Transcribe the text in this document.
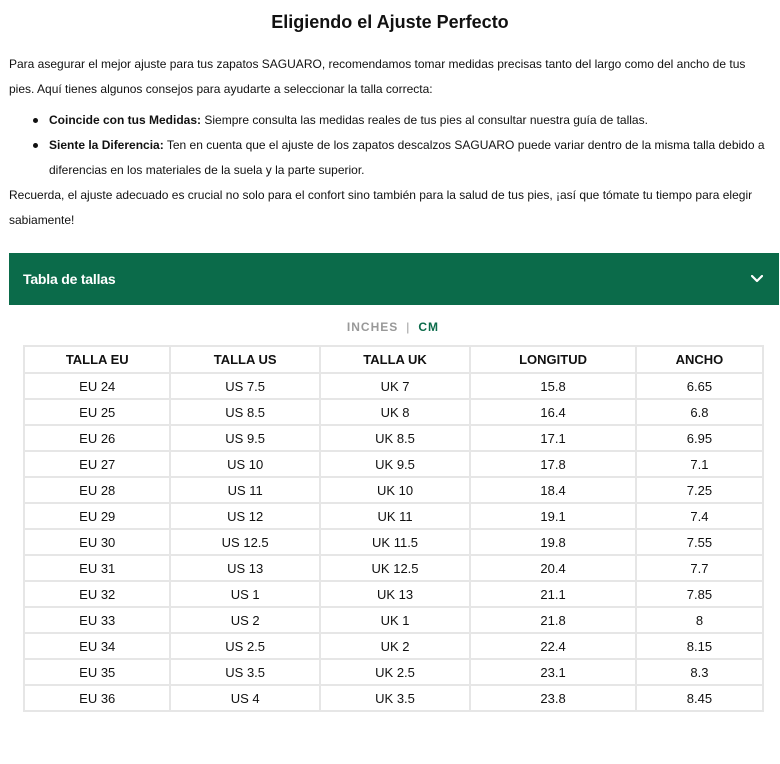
Eligiendo el Ajuste Perfecto

Para asegurar el mejor ajuste para tus zapatos SAGUARO, recomendamos tomar medidas precisas tanto del largo como del ancho de tus pies. Aquí tienes algunos consejos para ayudarte a seleccionar la talla correcta:

Coincide con tus Medidas: Siempre consulta las medidas reales de tus pies al consultar nuestra guía de tallas.
Siente la Diferencia: Ten en cuenta que el ajuste de los zapatos descalzos SAGUARO puede variar dentro de la misma talla debido a diferencias en los materiales de la suela y la parte superior.

Recuerda, el ajuste adecuado es crucial no solo para el confort sino también para la salud de tus pies, ¡así que tómate tu tiempo para elegir sabiamente!

Tabla de tallas
INCHES | CM
TALLA EU	TALLA US	TALLA UK	LONGITUD	ANCHO
EU 24	US 7.5	UK 7	15.8	6.65
EU 25	US 8.5	UK 8	16.4	6.8
EU 26	US 9.5	UK 8.5	17.1	6.95
EU 27	US 10	UK 9.5	17.8	7.1
EU 28	US 11	UK 10	18.4	7.25
EU 29	US 12	UK 11	19.1	7.4
EU 30	US 12.5	UK 11.5	19.8	7.55
EU 31	US 13	UK 12.5	20.4	7.7
EU 32	US 1	UK 13	21.1	7.85
EU 33	US 2	UK 1	21.8	8
EU 34	US 2.5	UK 2	22.4	8.15
EU 35	US 3.5	UK 2.5	23.1	8.3
EU 36	US 4	UK 3.5	23.8	8.45
